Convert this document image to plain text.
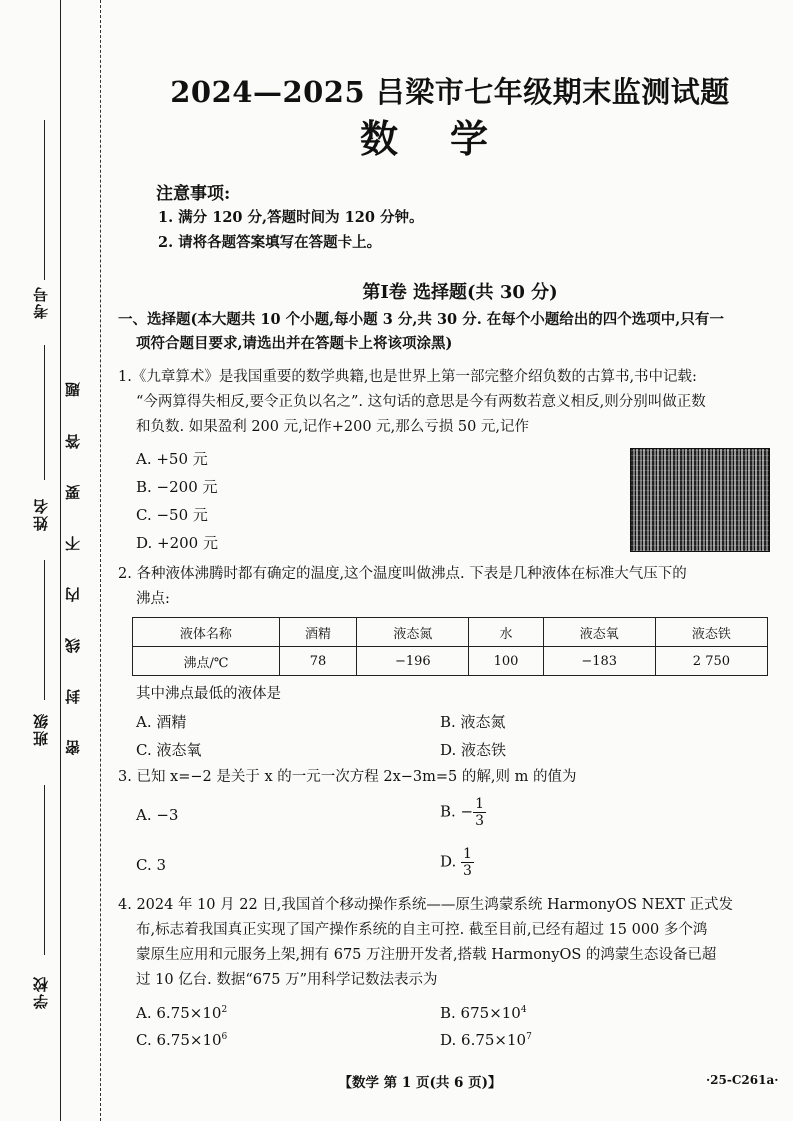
考号
姓名
班级
学校
题
答
要
不
内
线
封
密
2024—2025 吕梁市七年级期末监测试题
数学
注意事项:
1. 满分 120 分,答题时间为 120 分钟。
2. 请将各题答案填写在答题卡上。
第Ⅰ卷 选择题(共 30 分)
一、选择题(本大题共 10 个小题,每小题 3 分,共 30 分. 在每个小题给出的四个选项中,只有一
项符合题目要求,请选出并在答题卡上将该项涂黑)
1.《九章算术》是我国重要的数学典籍,也是世界上第一部完整介绍负数的古算书,书中记载:
“今两算得失相反,要令正负以名之”. 这句话的意思是今有两数若意义相反,则分别叫做正数
和负数. 如果盈利 200 元,记作+200 元,那么亏损 50 元,记作
A. +50 元
B. −200 元
C. −50 元
D. +200 元
2. 各种液体沸腾时都有确定的温度,这个温度叫做沸点. 下表是几种液体在标准大气压下的
沸点:
液体名称	酒精	液态氮	水	液态氧	液态铁
沸点/℃	78	−196	100	−183	2 750
其中沸点最低的液体是
A. 酒精	B. 液态氮
C. 液态氧	D. 液态铁
3. 已知 x=−2 是关于 x 的一元一次方程 2x−3m=5 的解,则 m 的值为
A. −3	B. − $\frac{1}{3}$
C. 3	D. $\frac{1}{3}$
4. 2024 年 10 月 22 日,我国首个移动操作系统——原生鸿蒙系统 HarmonyOS NEXT 正式发
布,标志着我国真正实现了国产操作系统的自主可控. 截至目前,已经有超过 15 000 多个鸿
蒙原生应用和元服务上架,拥有 675 万注册开发者,搭载 HarmonyOS 的鸿蒙生态设备已超
过 10 亿台. 数据“675 万”用科学记数法表示为
A. $6.75\times 10^2$	B. $675\times 10^4$
C. $6.75\times 10^6$	D. $6.75\times 10^7$
【数学 第 1 页(共 6 页)】	·25-C261a·
